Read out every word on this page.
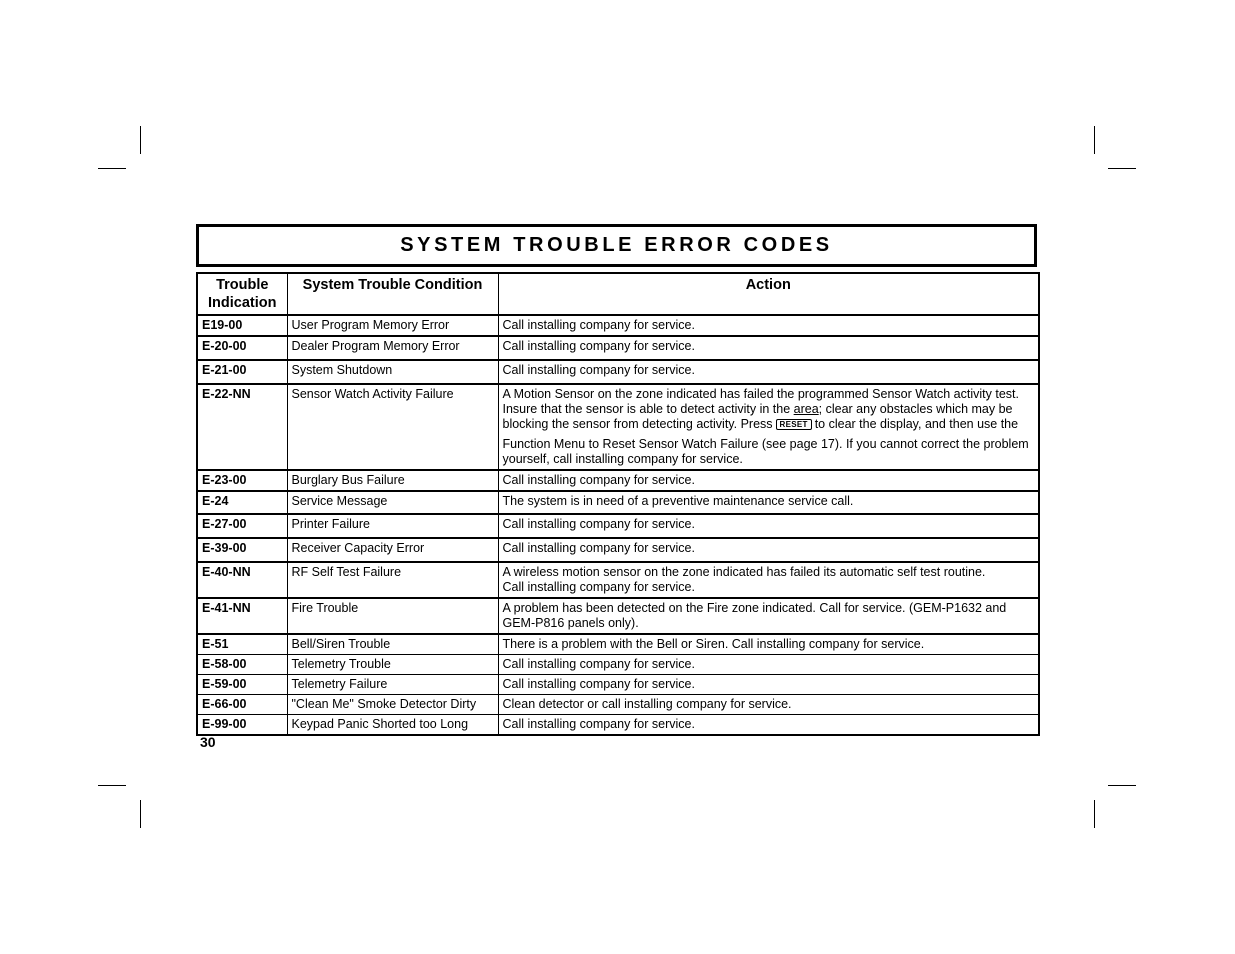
SYSTEM TROUBLE ERROR CODES
Trouble Indication	System Trouble Condition	Action
E19-00	User Program Memory Error	Call installing company for service.
E-20-00	Dealer Program Memory Error	Call installing company for service.
E-21-00	System Shutdown	Call installing company for service.
E-22-NN	Sensor Watch Activity Failure	A Motion Sensor on the zone indicated has failed the programmed Sensor Watch activity test. Insure that the sensor is able to detect activity in the area; clear any obstacles which may be blocking the sensor from detecting activity. Press RESET to clear the display, and then use the
Function Menu to Reset Sensor Watch Failure (see page 17). If you cannot correct the problem yourself, call installing company for service.
E-23-00	Burglary Bus Failure	Call installing company for service.
E-24	Service Message	The system is in need of a preventive maintenance service call.
E-27-00	Printer Failure	Call installing company for service.
E-39-00	Receiver Capacity Error	Call installing company for service.
E-40-NN	RF Self Test Failure	A wireless motion sensor on the zone indicated has failed its automatic self test routine.
Call installing company for service.
E-41-NN	Fire Trouble	A problem has been detected on the Fire zone indicated. Call for service. (GEM-P1632 and GEM-P816 panels only).
E-51	Bell/Siren Trouble	There is a problem with the Bell or Siren. Call installing company for service.
E-58-00	Telemetry Trouble	Call installing company for service.
E-59-00	Telemetry Failure	Call installing company for service.
E-66-00	"Clean Me" Smoke Detector Dirty	Clean detector or call installing company for service.
E-99-00	Keypad Panic Shorted too Long	Call installing company for service.
30
